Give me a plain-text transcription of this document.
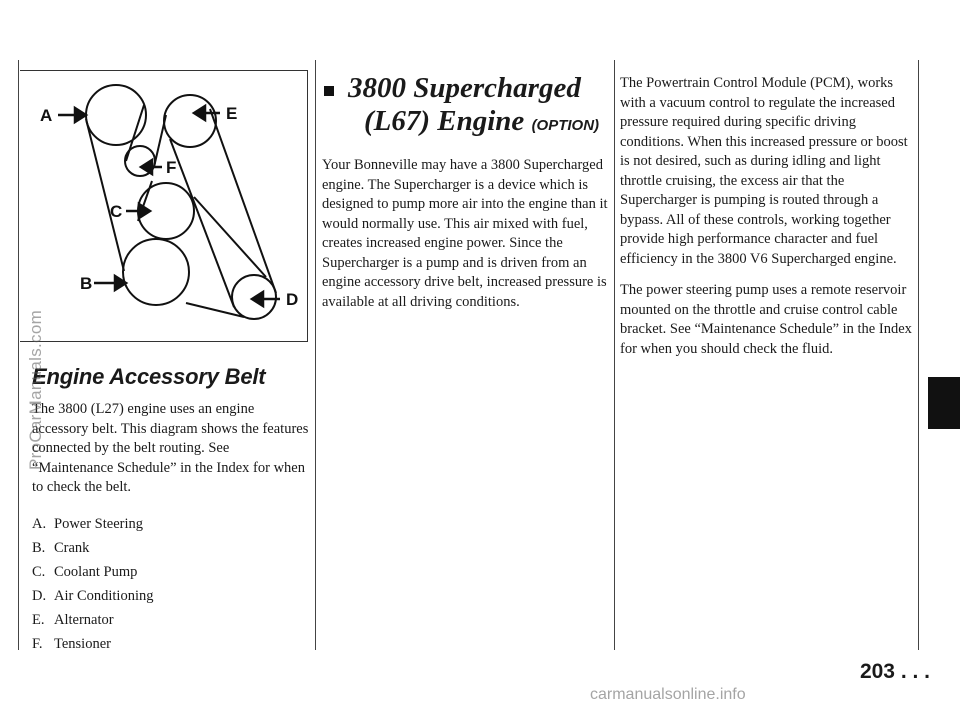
A	E
F
C
B
D
Engine Accessory Belt

The 3800 (L27) engine uses an engine accessory belt. This diagram shows the features connected by the belt routing. See “Maintenance Schedule” in the Index for when to check the belt.

A. Power Steering
B. Crank
C. Coolant Pump
D. Air Conditioning
E. Alternator
F. Tensioner
3800 Supercharged
(L67) Engine (OPTION)

Your Bonneville may have a 3800 Supercharged engine. The Supercharger is a device which is designed to pump more air into the engine than it would normally use. This air mixed with fuel, creates increased engine power. Since the Supercharger is a pump and is driven from an engine accessory drive belt, increased pressure is available at all driving conditions.

The Powertrain Control Module (PCM), works with a vacuum control to regulate the increased pressure required during specific driving conditions. When this increased pressure or boost is not desired, such as during idling and light throttle cruising, the excess air that the Supercharger is pumping is routed through a bypass. All of these controls, working together provide high performance character and fuel efficiency in the 3800 V6 Supercharged engine.

The power steering pump uses a remote reservoir mounted on the throttle and cruise control cable bracket. See “Maintenance Schedule” in the Index for when you should check the fluid.

203 . . .
ProCarManuals.com
carmanualsonline.info
